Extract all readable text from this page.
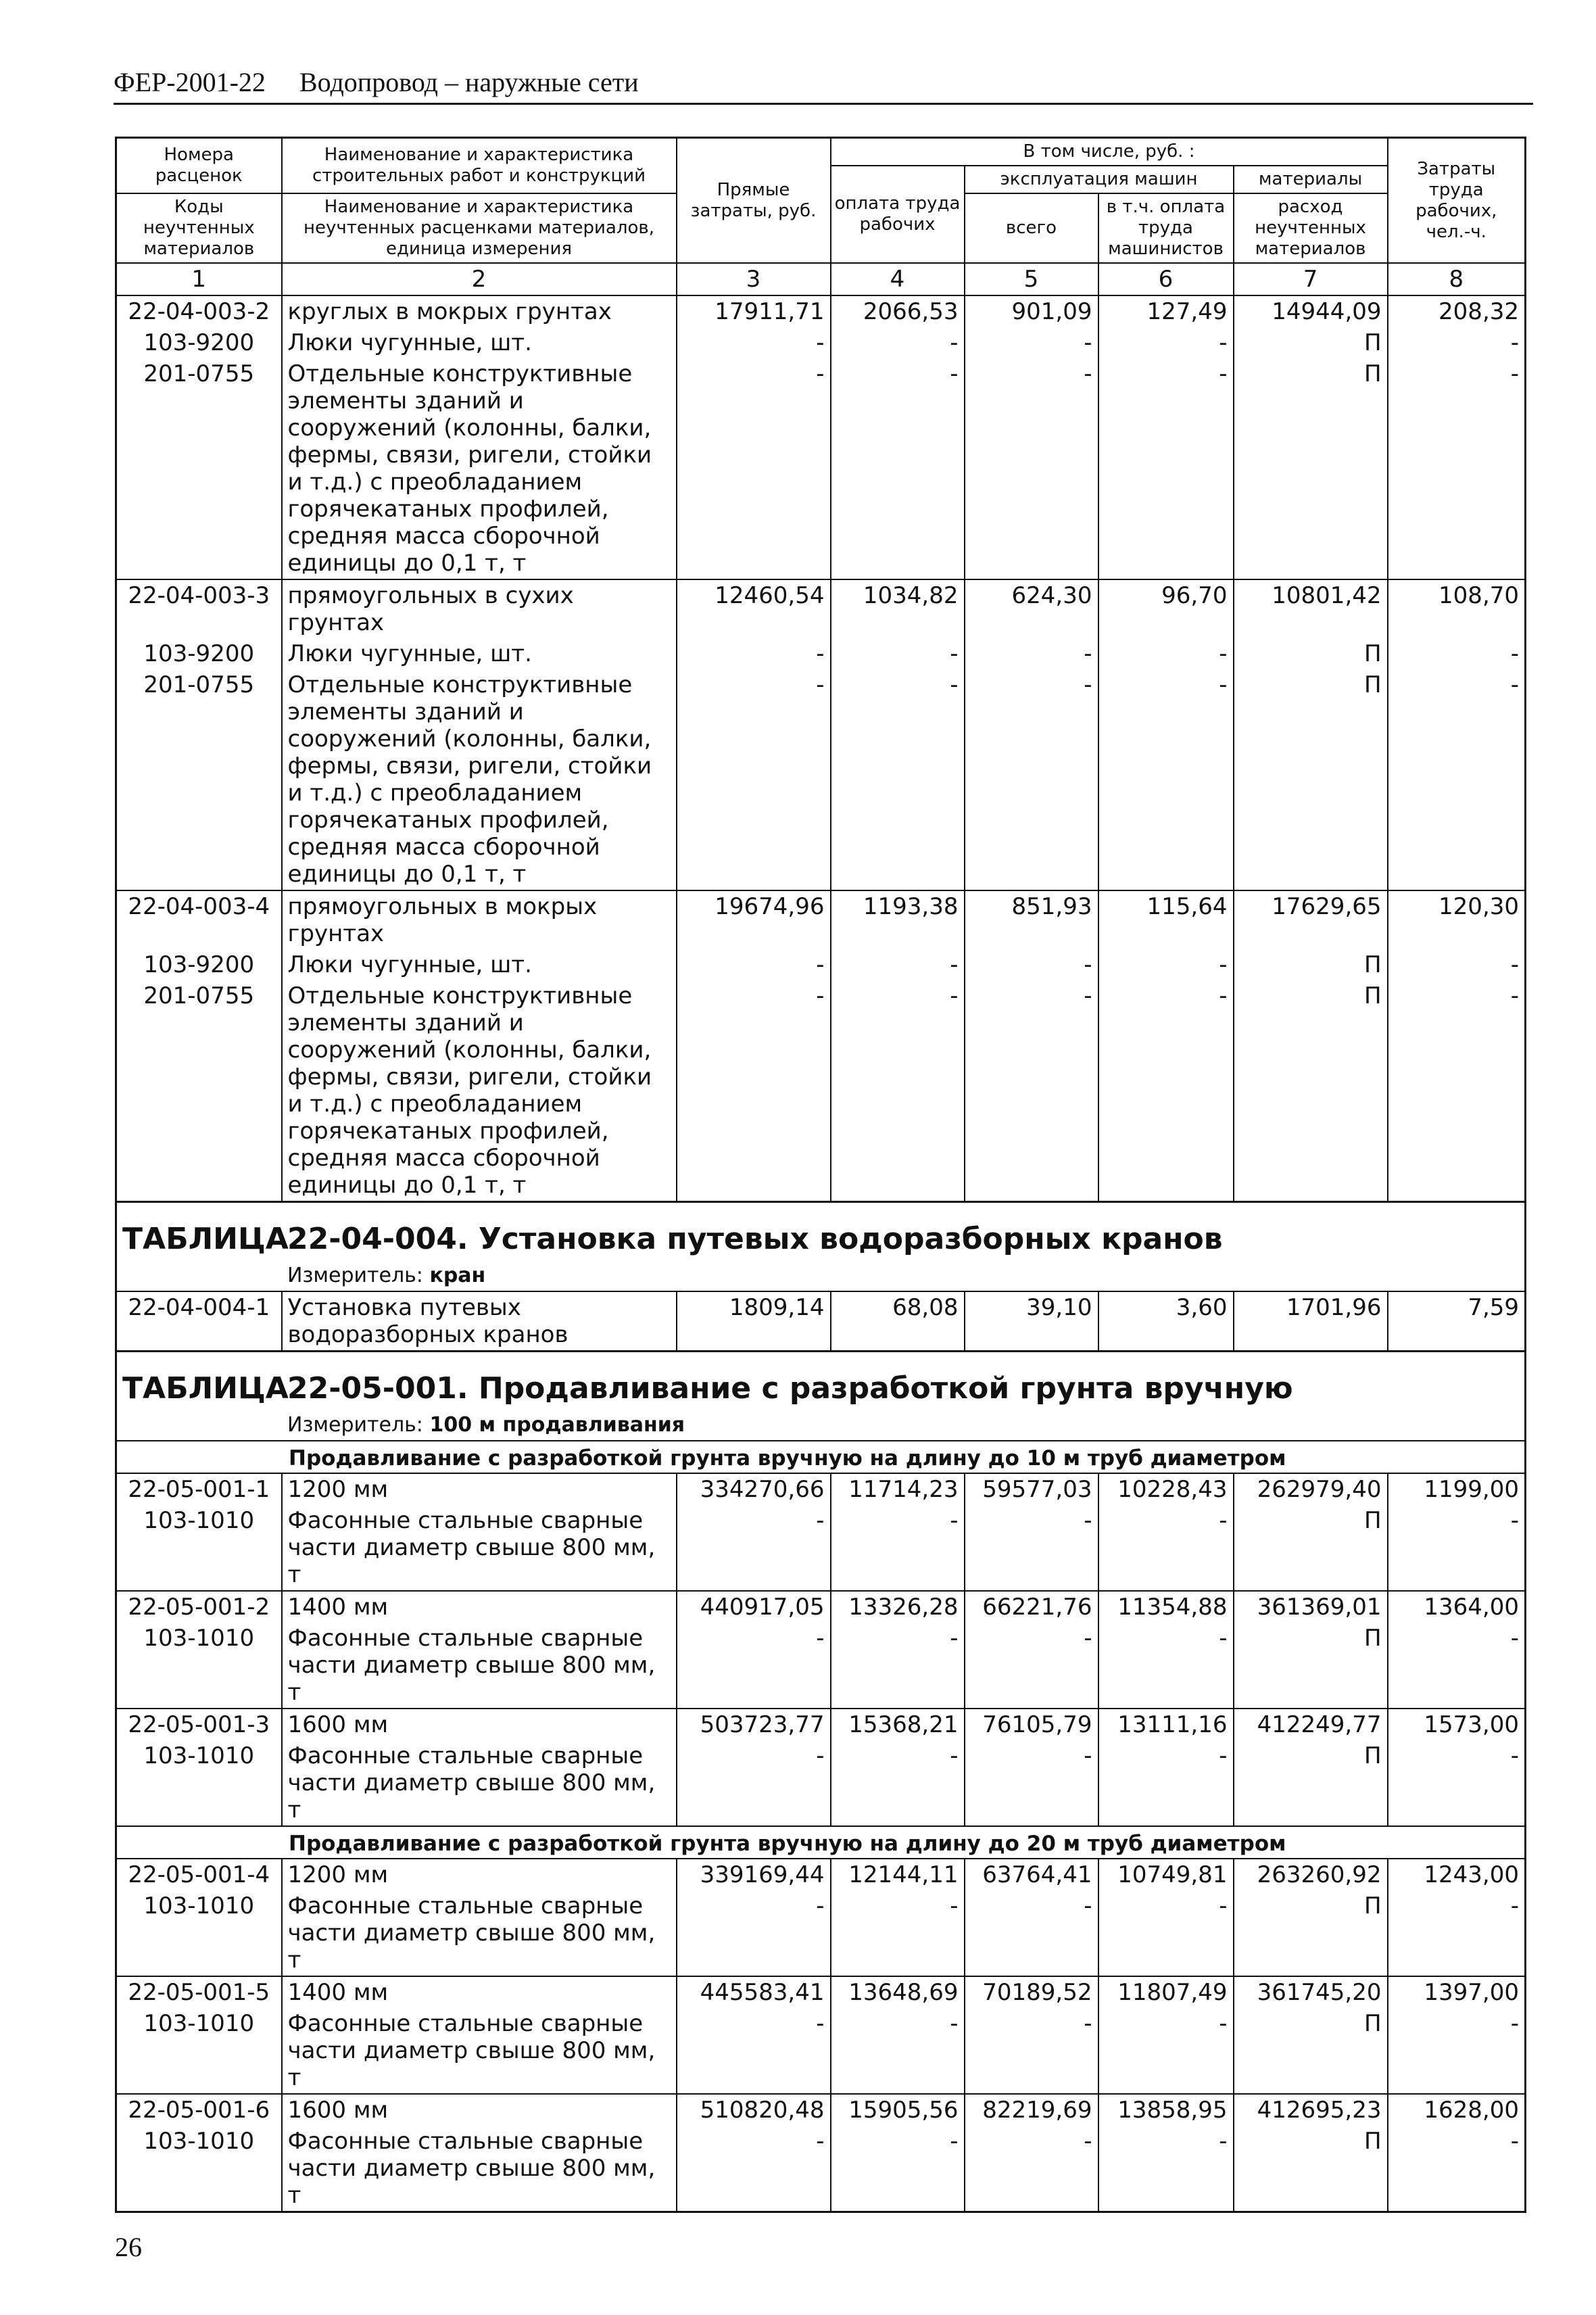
ФЕР-2001-22 Водопровод – наружные сети
Номера расценок	Наименование и характеристика строительных работ и конструкций	Прямые затраты, руб.	В том числе, руб. :				Затраты труда рабочих, чел.-ч.
			оплата труда рабочих	эксплуатация машин		материалы	
Коды неучтенных материалов	Наименование и характеристика неучтенных расценками материалов, единица измерения			всего	в т.ч. оплата труда машинистов	расход неучтенных материалов	

1	2	3	4	5	6	7	8
22-04-003-2	круглых в мокрых грунтах	17911,71	2066,53	901,09	127,49	14944,09	208,32
103-9200	Люки чугунные, шт.	-	-	-	-	П	-
201-0755	Отдельные конструктивные элементы зданий и сооружений (колонны, балки, фермы, связи, ригели, стойки и т.д.) с преобладанием горячекатаных профилей, средняя масса сборочной единицы до 0,1 т, т	-	-	-	-	П	-
22-04-003-3	прямоугольных в сухих грунтах	12460,54	1034,82	624,30	96,70	10801,42	108,70
103-9200	Люки чугунные, шт.	-	-	-	-	П	-
201-0755	Отдельные конструктивные элементы зданий и сооружений (колонны, балки, фермы, связи, ригели, стойки и т.д.) с преобладанием горячекатаных профилей, средняя масса сборочной единицы до 0,1 т, т	-	-	-	-	П	-
22-04-003-4	прямоугольных в мокрых грунтах	19674,96	1193,38	851,93	115,64	17629,65	120,30
103-9200	Люки чугунные, шт.	-	-	-	-	П	-
201-0755	Отдельные конструктивные элементы зданий и сооружений (колонны, балки, фермы, связи, ригели, стойки и т.д.) с преобладанием горячекатаных профилей, средняя масса сборочной единицы до 0,1 т, т	-	-	-	-	П	-
ТАБЛИЦА22-04-004. Установка путевых водоразборных кранов							
Измеритель: кран							
22-04-004-1	Установка путевых водоразборных кранов	1809,14	68,08	39,10	3,60	1701,96	7,59
ТАБЛИЦА22-05-001. Продавливание с разработкой грунта вручную							
Измеритель: 100 м продавливания							
Продавливание с разработкой грунта вручную на длину до 10 м труб диаметром							
22-05-001-1	1200 мм	334270,66	11714,23	59577,03	10228,43	262979,40	1199,00
103-1010	Фасонные стальные сварные части диаметр свыше 800 мм, т	-	-	-	-	П	-
22-05-001-2	1400 мм	440917,05	13326,28	66221,76	11354,88	361369,01	1364,00
103-1010	Фасонные стальные сварные части диаметр свыше 800 мм, т	-	-	-	-	П	-
22-05-001-3	1600 мм	503723,77	15368,21	76105,79	13111,16	412249,77	1573,00
103-1010	Фасонные стальные сварные части диаметр свыше 800 мм, т	-	-	-	-	П	-
Продавливание с разработкой грунта вручную на длину до 20 м труб диаметром							
22-05-001-4	1200 мм	339169,44	12144,11	63764,41	10749,81	263260,92	1243,00
103-1010	Фасонные стальные сварные части диаметр свыше 800 мм, т	-	-	-	-	П	-
22-05-001-5	1400 мм	445583,41	13648,69	70189,52	11807,49	361745,20	1397,00
103-1010	Фасонные стальные сварные части диаметр свыше 800 мм, т	-	-	-	-	П	-
22-05-001-6	1600 мм	510820,48	15905,56	82219,69	13858,95	412695,23	1628,00
103-1010	Фасонные стальные сварные части диаметр свыше 800 мм, т	-	-	-	-	П	-
26
